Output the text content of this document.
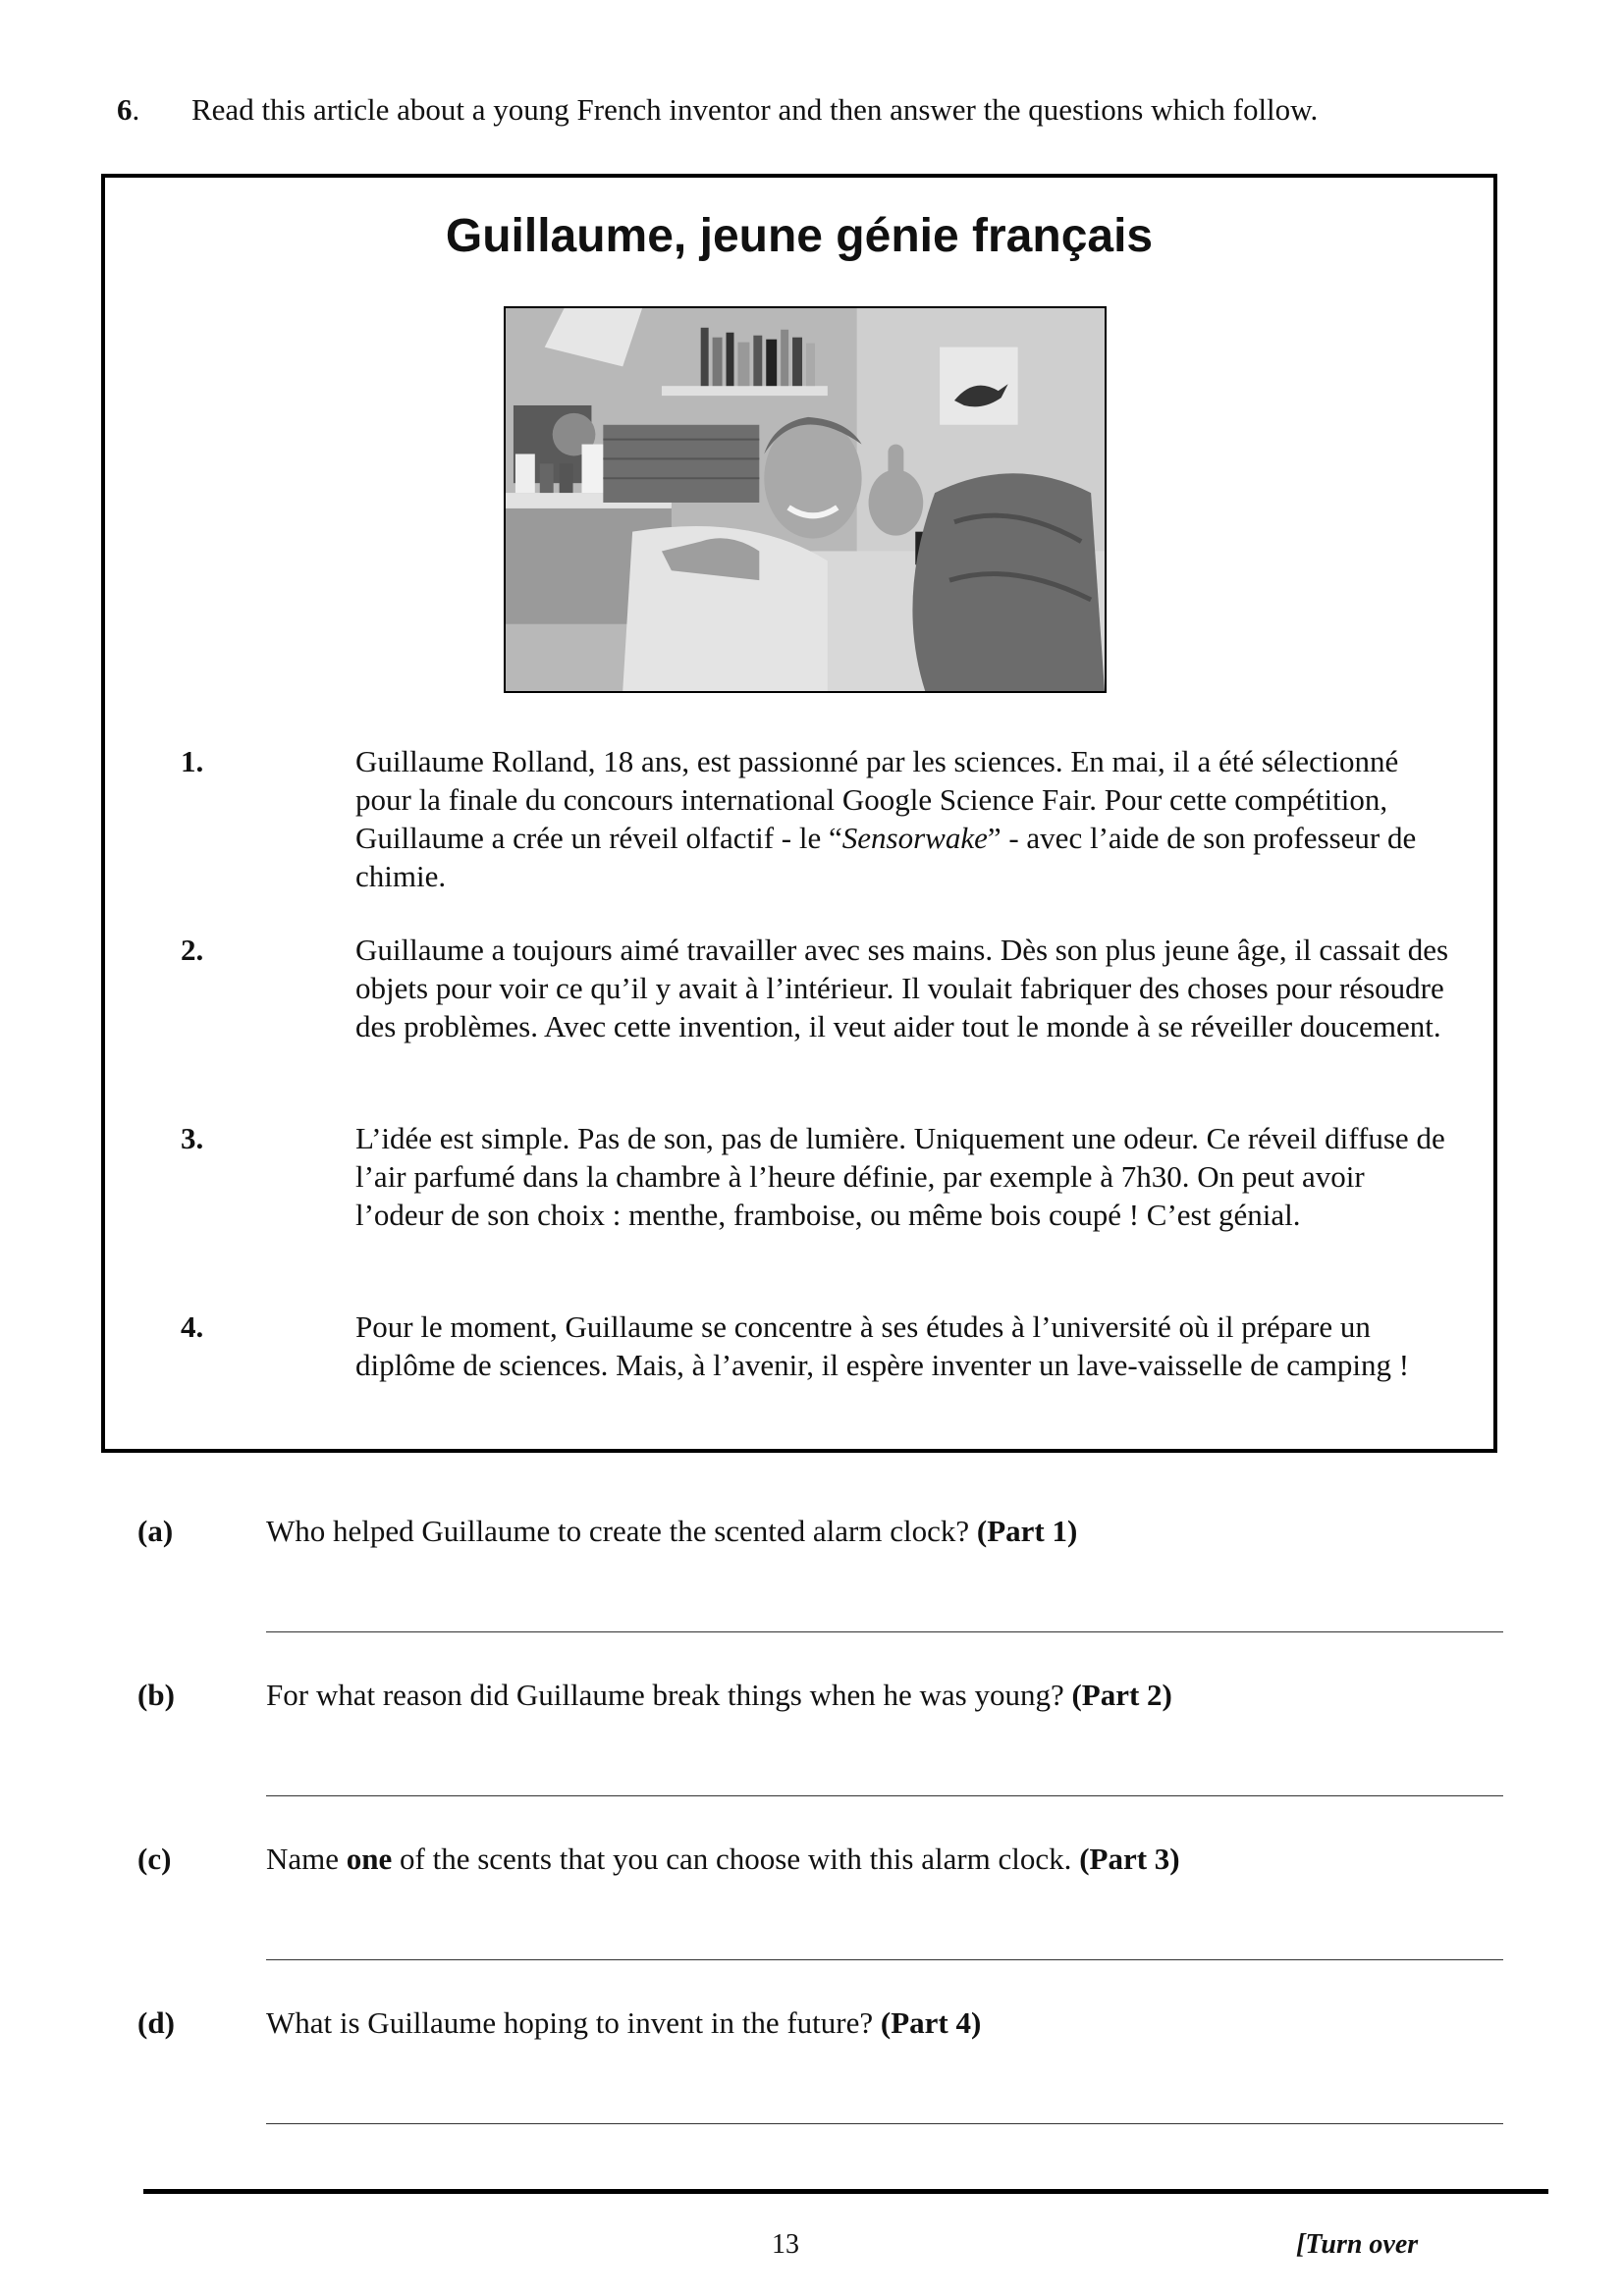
6. Read this article about a young French inventor and then answer the questions which follow.
Guillaume, jeune génie français
1.	Guillaume Rolland, 18 ans, est passionné par les sciences. En mai, il a été sélectionné pour la finale du concours international Google Science Fair. Pour cette compétition, Guillaume a crée un réveil olfactif - le “Sensorwake” - avec l’aide de son professeur de chimie.
2.	Guillaume a toujours aimé travailler avec ses mains. Dès son plus jeune âge, il cassait des objets pour voir ce qu’il y avait à l’intérieur. Il voulait fabriquer des choses pour résoudre des problèmes. Avec cette invention, il veut aider tout le monde à se réveiller doucement.
3.	L’idée est simple. Pas de son, pas de lumière. Uniquement une odeur. Ce réveil diffuse de l’air parfumé dans la chambre à l’heure définie, par exemple à 7h30. On peut avoir l’odeur de son choix : menthe, framboise, ou même bois coupé ! C’est génial.
4.	Pour le moment, Guillaume se concentre à ses études à l’université où il prépare un diplôme de sciences. Mais, à l’avenir, il espère inventer un lave-vaisselle de camping !
(a)	Who helped Guillaume to create the scented alarm clock? (Part 1)
(b)	For what reason did Guillaume break things when he was young? (Part 2)
(c)	Name one of the scents that you can choose with this alarm clock. (Part 3)
(d)	What is Guillaume hoping to invent in the future? (Part 4)
13	[Turn over
